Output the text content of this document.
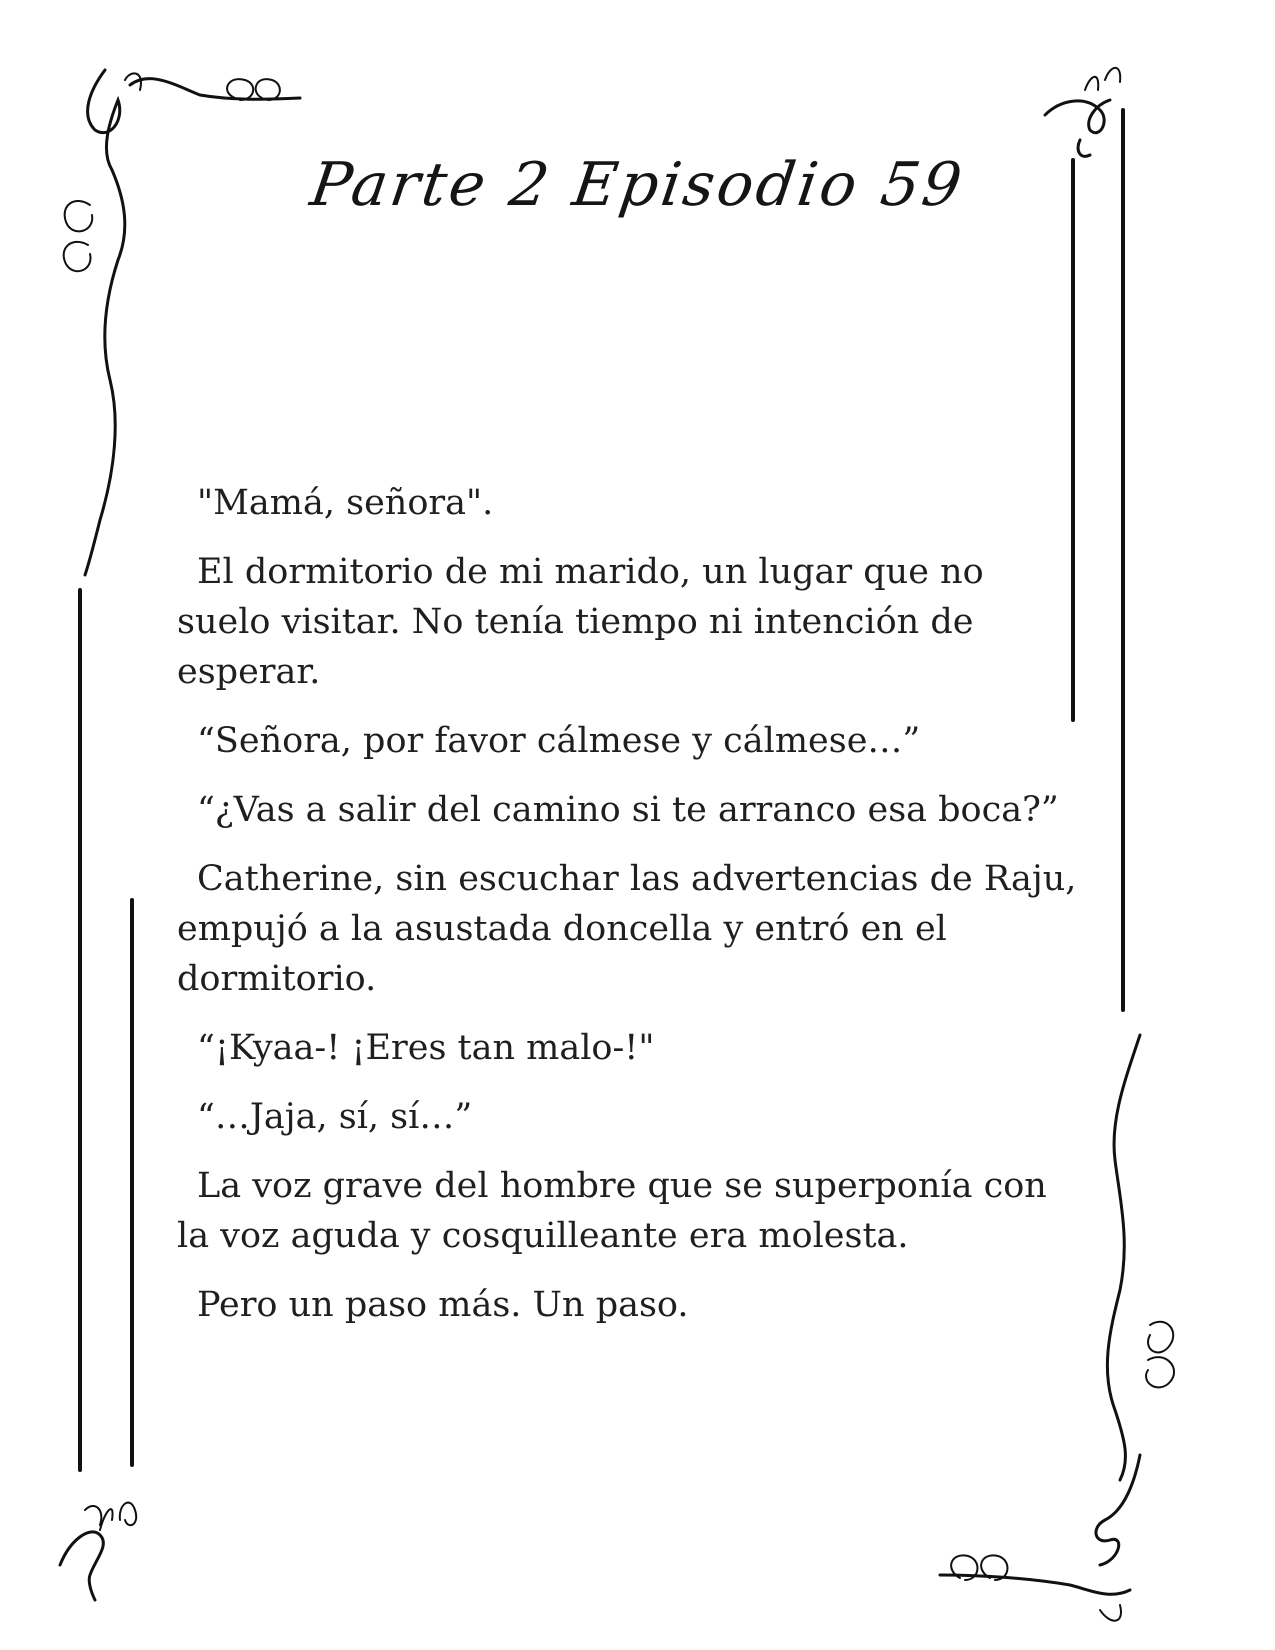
Parte 2 Episodio 59

"Mamá, señora".

El dormitorio de mi marido, un lugar que no suelo visitar. No tenía tiempo ni intención de esperar.

“Señora, por favor cálmese y cálmese…”

“¿Vas a salir del camino si te arranco esa boca?”

Catherine, sin escuchar las advertencias de Raju, empujó a la asustada doncella y entró en el dormitorio.

“¡Kyaa-! ¡Eres tan malo-!"

“…Jaja, sí, sí…”

La voz grave del hombre que se superponía con la voz aguda y cosquilleante era molesta.

Pero un paso más. Un paso.
